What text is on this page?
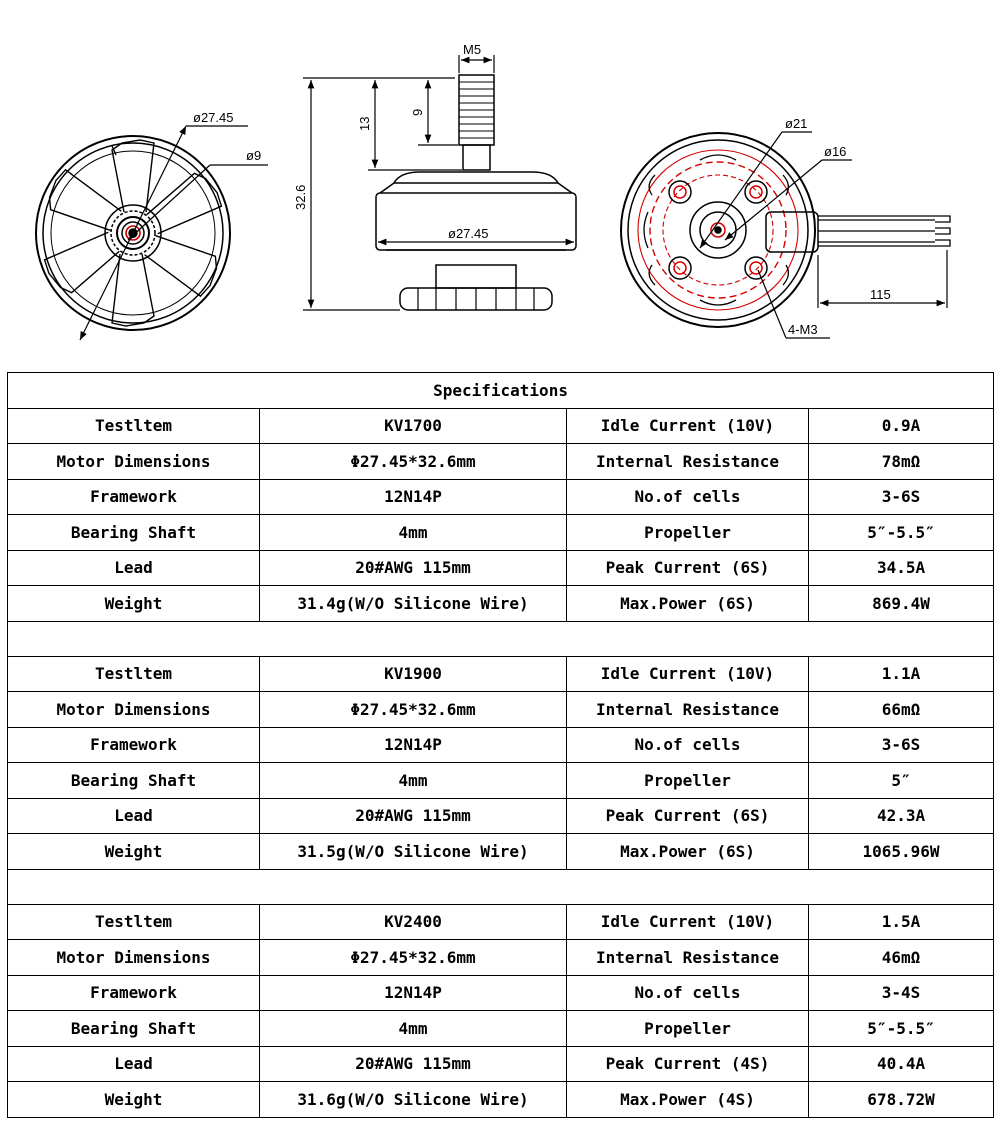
ø27.45
ø9
M5
32.6
13
9
ø27.45
ø21
ø16
115
4-M3
Specifications			
Testltem	KV1700	Idle Current (10V)	0.9A
Motor Dimensions	Φ27.45*32.6mm	Internal Resistance	78mΩ
Framework	12N14P	No.of cells	3-6S
Bearing Shaft	4mm	Propeller	5″-5.5″
Lead	20#AWG 115mm	Peak Current (6S)	34.5A
Weight	31.4g(W/O Silicone Wire)	Max.Power (6S)	869.4W

Testltem	KV1900	Idle Current (10V)	1.1A
Motor Dimensions	Φ27.45*32.6mm	Internal Resistance	66mΩ
Framework	12N14P	No.of cells	3-6S
Bearing Shaft	4mm	Propeller	5″
Lead	20#AWG 115mm	Peak Current (6S)	42.3A
Weight	31.5g(W/O Silicone Wire)	Max.Power (6S)	1065.96W

Testltem	KV2400	Idle Current (10V)	1.5A
Motor Dimensions	Φ27.45*32.6mm	Internal Resistance	46mΩ
Framework	12N14P	No.of cells	3-4S
Bearing Shaft	4mm	Propeller	5″-5.5″
Lead	20#AWG 115mm	Peak Current (4S)	40.4A
Weight	31.6g(W/O Silicone Wire)	Max.Power (4S)	678.72W
